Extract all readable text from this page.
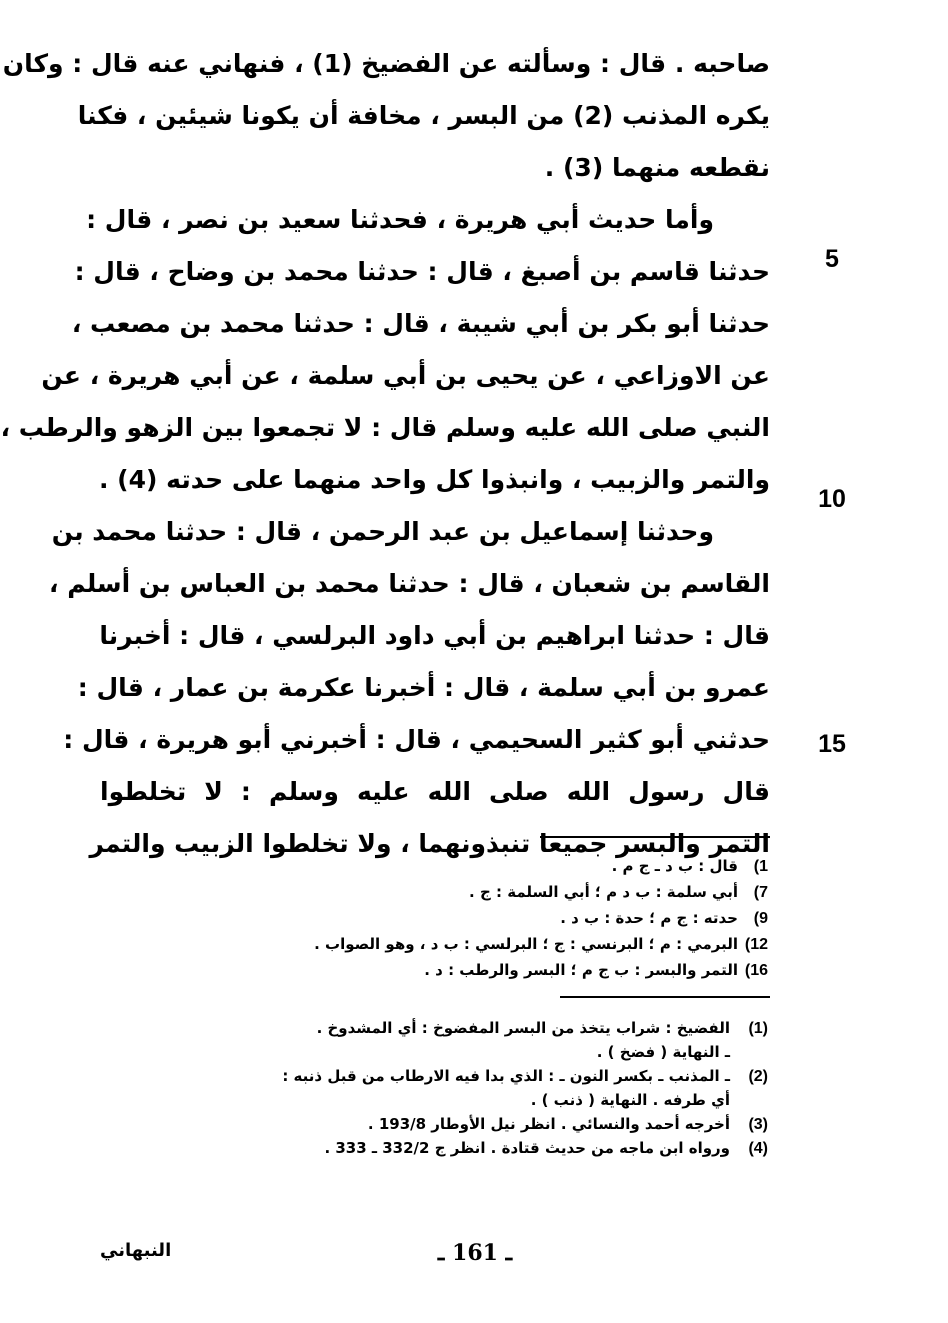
صاحبه . قال : وسألته عن الفضيخ (1) ، فنهاني عنه قال : وكان
يكره المذنب (2) من البسر ، مخافة أن يكونا شيئين ، فكنا
نقطعه منهما (3) .
وأما حديث أبي هريرة ، فحدثنا سعيد بن نصر ، قال :
حدثنا قاسم بن أصبغ ، قال : حدثنا محمد بن وضاح ، قال :
حدثنا أبو بكر بن أبي شيبة ، قال : حدثنا محمد بن مصعب ،
عن الاوزاعي ، عن يحيى بن أبي سلمة ، عن أبي هريرة ، عن
النبي صلى الله عليه وسلم قال : لا تجمعوا بين الزهو والرطب ،
والتمر والزبيب ، وانبذوا كل واحد منهما على حدته (4) .
وحدثنا إسماعيل بن عبد الرحمن ، قال : حدثنا محمد بن
القاسم بن شعبان ، قال : حدثنا محمد بن العباس بن أسلم ،
قال : حدثنا ابراهيم بن أبي داود البرلسي ، قال : أخبرنا
عمرو بن أبي سلمة ، قال : أخبرنا عكرمة بن عمار ، قال :
حدثني أبو كثير السحيمي ، قال : أخبرني أبو هريرة ، قال :
قال رسول الله صلى الله عليه وسلم : لا تخلطوا
التمر والبسر جميعا تنبذونهما ، ولا تخلطوا الزبيب والتمر
5
10
15
1)قال : ب د ـ ج م .
7)أبي سلمة : ب د م ؛ أبي السلمة : ج .
9)حدته : ج م ؛ حدة : ب د .
12)البرمي : م ؛ البرنسي : ج ؛ البرلسي : ب د ، وهو الصواب .
16)التمر والبسر : ب ج م ؛ البسر والرطب : د .
(1)الفضيخ : شراب يتخذ من البسر المفضوخ : أي المشدوخ .
ـ النهاية ( فضخ ) .
(2)ـ المذنب ـ بكسر النون ـ : الذي بدا فيه الارطاب من قبل ذنبه :
أي طرفه . النهاية ( ذنب ) .
(3)أخرجه أحمد والنسائي . انظر نيل الأوطار 193/8 .
(4)ورواه ابن ماجه من حديث قتادة . انظر ج 332/2 ـ 333 .
ـ 161 ـ
النبهاني
